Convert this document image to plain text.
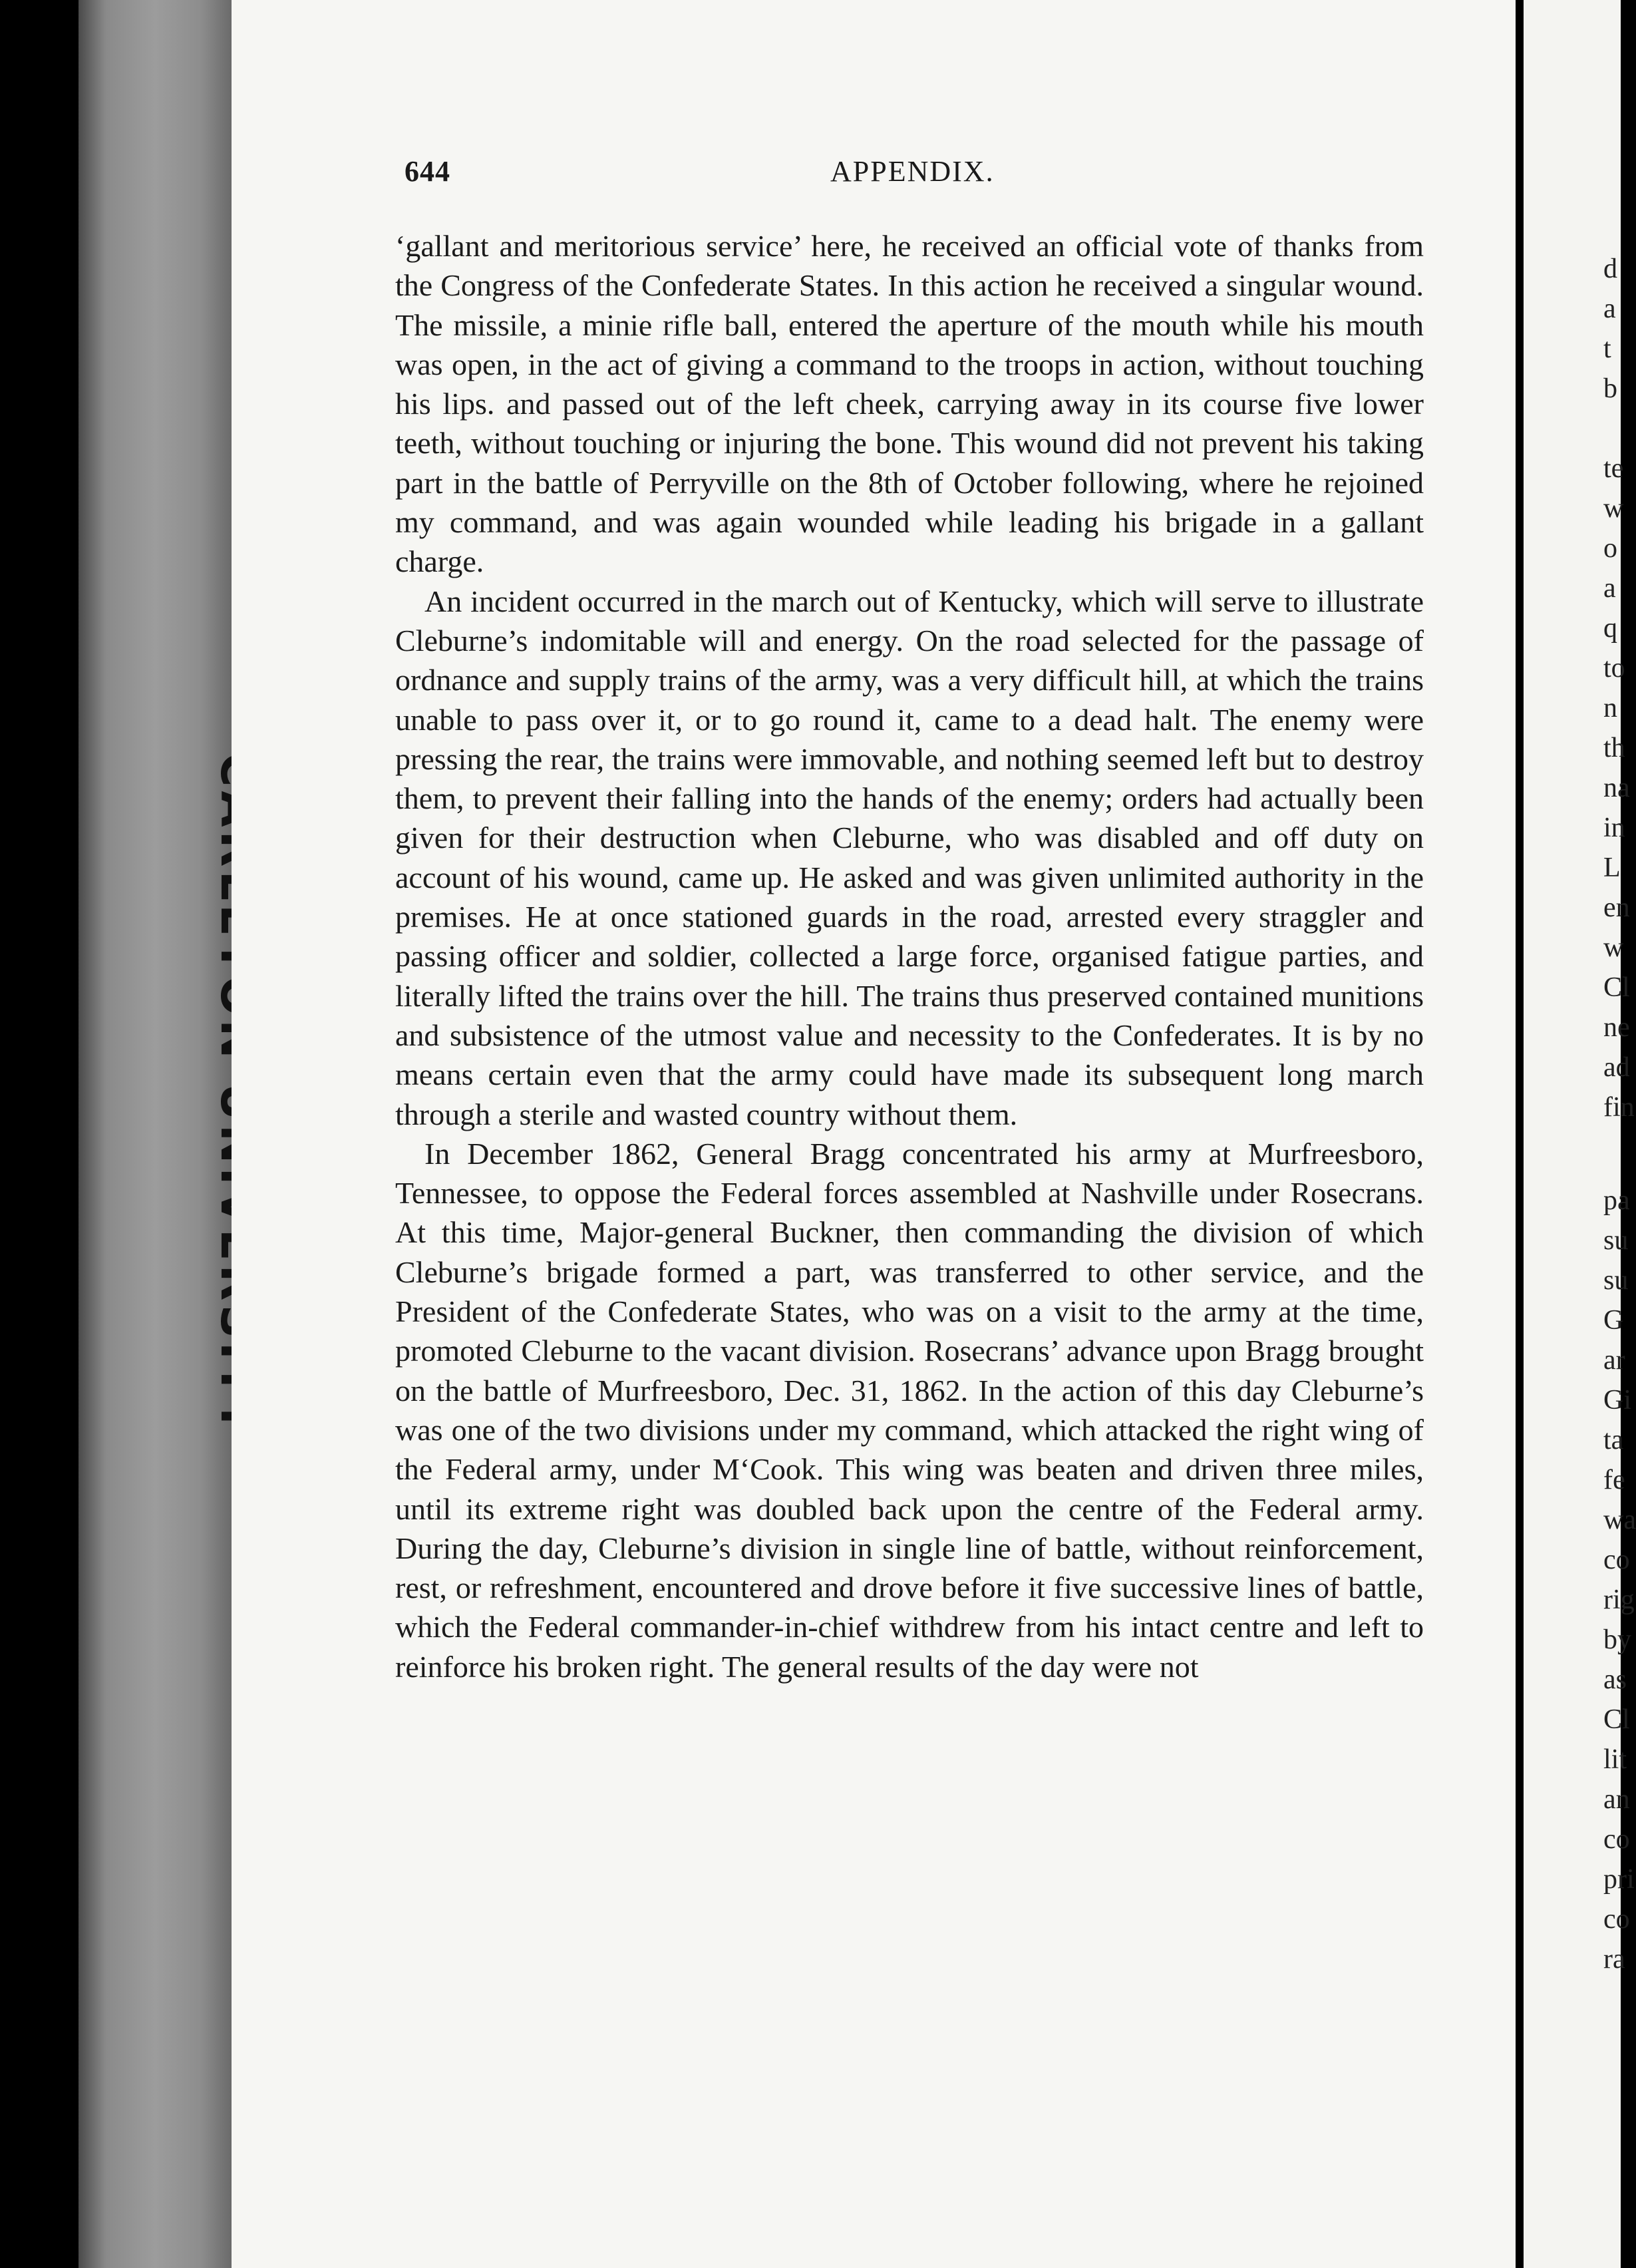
d
a
t
b
te
w
o
a
q
to
n
th
na
in
L
en
w
Cl
ne
ad
fin
pa
su
su
G
ar
Gi
ta
fe
wa
co
rig
by
as
Cl
lit
an
co
pri
co
ra
644	APPENDIX.

‘gallant and meritorious service’ here, he received an official vote of thanks from the Congress of the Confederate States. In this action he received a singular wound. The missile, a minie rifle ball, entered the aperture of the mouth while his mouth was open, in the act of giving a command to the troops in action, without touching his lips. and passed out of the left cheek, carrying away in its course five lower teeth, without touching or injuring the bone. This wound did not prevent his taking part in the battle of Perryville on the 8th of October following, where he rejoined my command, and was again wounded while leading his brigade in a gallant charge.

An incident occurred in the march out of Kentucky, which will serve to illustrate Cleburne’s indomitable will and energy. On the road selected for the passage of ordnance and supply trains of the army, was a very difficult hill, at which the trains unable to pass over it, or to go round it, came to a dead halt. The enemy were pressing the rear, the trains were immovable, and nothing seemed left but to destroy them, to prevent their falling into the hands of the enemy; orders had actually been given for their destruction when Cleburne, who was disabled and off duty on account of his wound, came up. He asked and was given unlimited authority in the premises. He at once stationed guards in the road, arrested every straggler and passing officer and soldier, collected a large force, organised fatigue parties, and literally lifted the trains over the hill. The trains thus preserved contained munitions and subsistence of the utmost value and necessity to the Confederates. It is by no means certain even that the army could have made its subsequent long march through a sterile and wasted country without them.

In December 1862, General Bragg concentrated his army at Murfreesboro, Tennessee, to oppose the Federal forces assembled at Nashville under Rosecrans. At this time, Major-general Buckner, then commanding the division of which Cleburne’s brigade formed a part, was transferred to other service, and the President of the Confederate States, who was on a visit to the army at the time, promoted Cleburne to the vacant division. Rosecrans’ advance upon Bragg brought on the battle of Murfreesboro, Dec. 31, 1862. In the action of this day Cleburne’s was one of the two divisions under my command, which attacked the right wing of the Federal army, under M‘Cook. This wing was beaten and driven three miles, until its extreme right was doubled back upon the centre of the Federal army. During the day, Cleburne’s division in single line of battle, without reinforcement, rest, or refreshment, encountered and drove before it five successive lines of battle, which the Federal commander-in-chief withdrew from his intact centre and left to reinforce his broken right. The general results of the day were not
